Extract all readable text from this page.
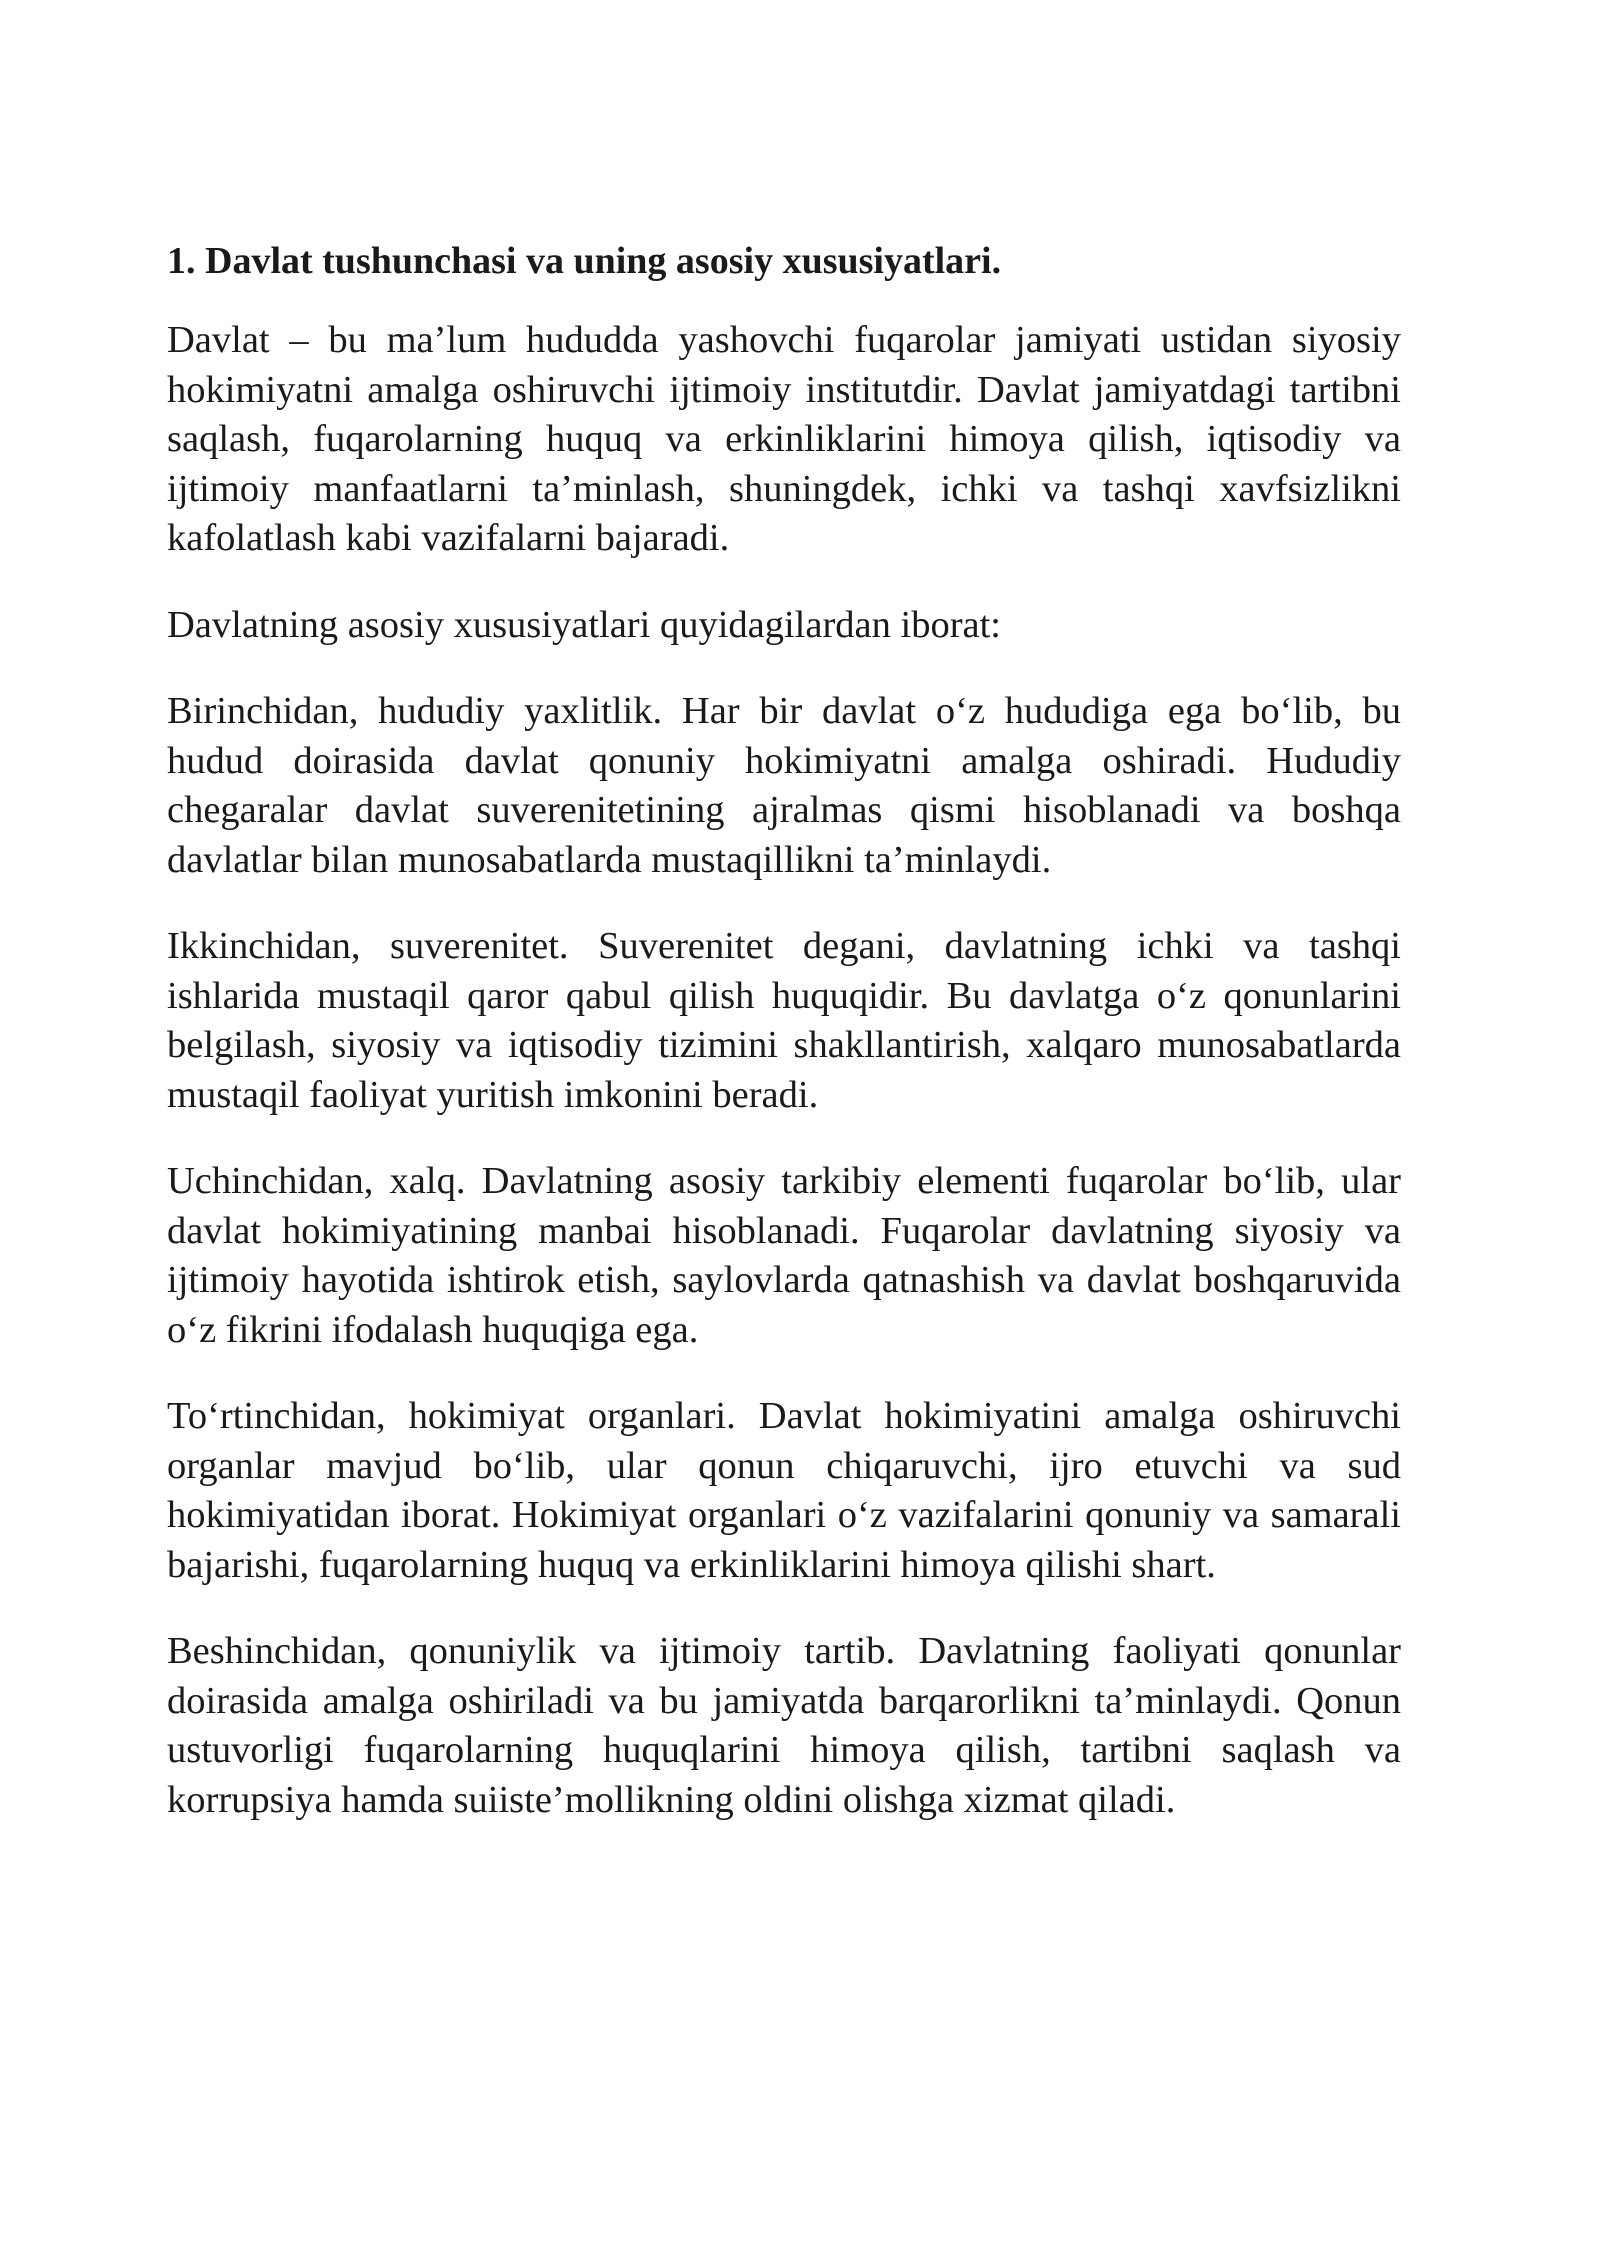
1. Davlat tushunchasi va uning asosiy xususiyatlari.

Davlat – bu ma’lum hududda yashovchi fuqarolar jamiyati ustidan siyosiy hokimiyatni amalga oshiruvchi ijtimoiy institutdir. Davlat jamiyatdagi tartibni saqlash, fuqarolarning huquq va erkinliklarini himoya qilish, iqtisodiy va ijtimoiy manfaatlarni ta’minlash, shuningdek, ichki va tashqi xavfsizlikni kafolatlash kabi vazifalarni bajaradi.

Davlatning asosiy xususiyatlari quyidagilardan iborat:

Birinchidan, hududiy yaxlitlik. Har bir davlat o‘z hududiga ega bo‘lib, bu hudud doirasida davlat qonuniy hokimiyatni amalga oshiradi. Hududiy chegaralar davlat suverenitetining ajralmas qismi hisoblanadi va boshqa davlatlar bilan munosabatlarda mustaqillikni ta’minlaydi.

Ikkinchidan, suverenitet. Suverenitet degani, davlatning ichki va tashqi ishlarida mustaqil qaror qabul qilish huquqidir. Bu davlatga o‘z qonunlarini belgilash, siyosiy va iqtisodiy tizimini shakllantirish, xalqaro munosabatlarda mustaqil faoliyat yuritish imkonini beradi.

Uchinchidan, xalq. Davlatning asosiy tarkibiy elementi fuqarolar bo‘lib, ular davlat hokimiyatining manbai hisoblanadi. Fuqarolar davlatning siyosiy va ijtimoiy hayotida ishtirok etish, saylovlarda qatnashish va davlat boshqaruvida o‘z fikrini ifodalash huquqiga ega.

To‘rtinchidan, hokimiyat organlari. Davlat hokimiyatini amalga oshiruvchi organlar mavjud bo‘lib, ular qonun chiqaruvchi, ijro etuvchi va sud hokimiyatidan iborat. Hokimiyat organlari o‘z vazifalarini qonuniy va samarali bajarishi, fuqarolarning huquq va erkinliklarini himoya qilishi shart.

Beshinchidan, qonuniylik va ijtimoiy tartib. Davlatning faoliyati qonunlar doirasida amalga oshiriladi va bu jamiyatda barqarorlikni ta’minlaydi. Qonun ustuvorligi fuqarolarning huquqlarini himoya qilish, tartibni saqlash va korrupsiya hamda suiiste’mollikning oldini olishga xizmat qiladi.
